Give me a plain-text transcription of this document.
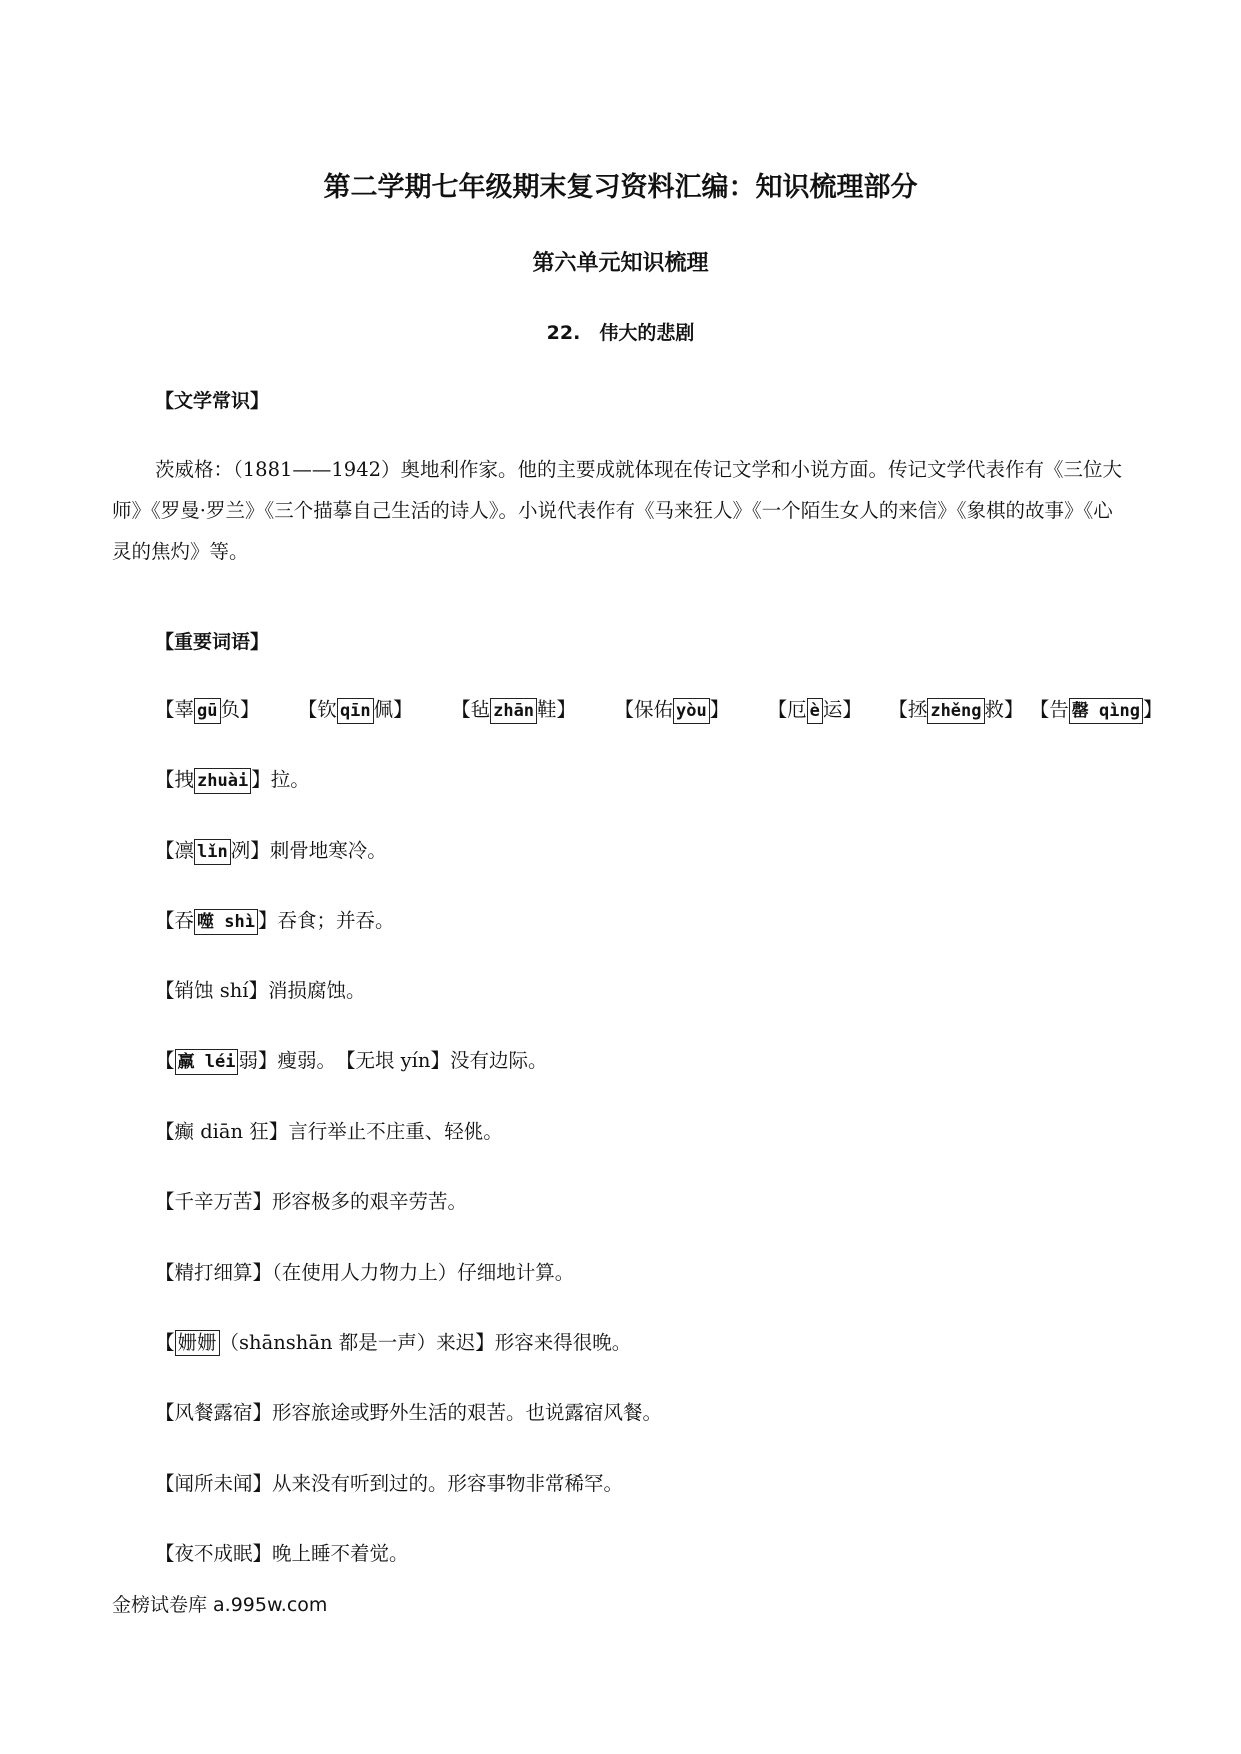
第二学期七年级期末复习资料汇编：知识梳理部分
第六单元知识梳理
22.　伟大的悲剧
【文学常识】
茨威格：（1881——1942）奥地利作家。他的主要成就体现在传记文学和小说方面。传记文学代表作有《三位大师》《罗曼·罗兰》《三个描摹自己生活的诗人》。小说代表作有《马来狂人》《一个陌生女人的来信》《象棋的故事》《心灵的焦灼》等。
【重要词语】
【辜 gū 负】 【钦 qīn 佩】 【毡 zhān 鞋】 【保佑 yòu 】 【厄 è 运】 【拯 zhěng 救】 【告 罄 qìng 】
【拽 zhuài 】拉。
【凛 lǐn 冽】刺骨地寒冷。
【吞 噬 shì 】吞食；并吞。
【销蚀 shí】消损腐蚀。
【 羸 léi 弱】瘦弱。　【无垠 yín】没有边际。
【癫 diān 狂】言行举止不庄重、轻佻。
【千辛万苦】形容极多的艰辛劳苦。
【精打细算】（在使用人力物力上）仔细地计算。
【 姗姗 （shānshān 都是一声）来迟】形容来得很晚。
【风餐露宿】形容旅途或野外生活的艰苦。也说露宿风餐。
【闻所未闻】从来没有听到过的。形容事物非常稀罕。
【夜不成眠】晚上睡不着觉。
金榜试卷库 a.995w.com
